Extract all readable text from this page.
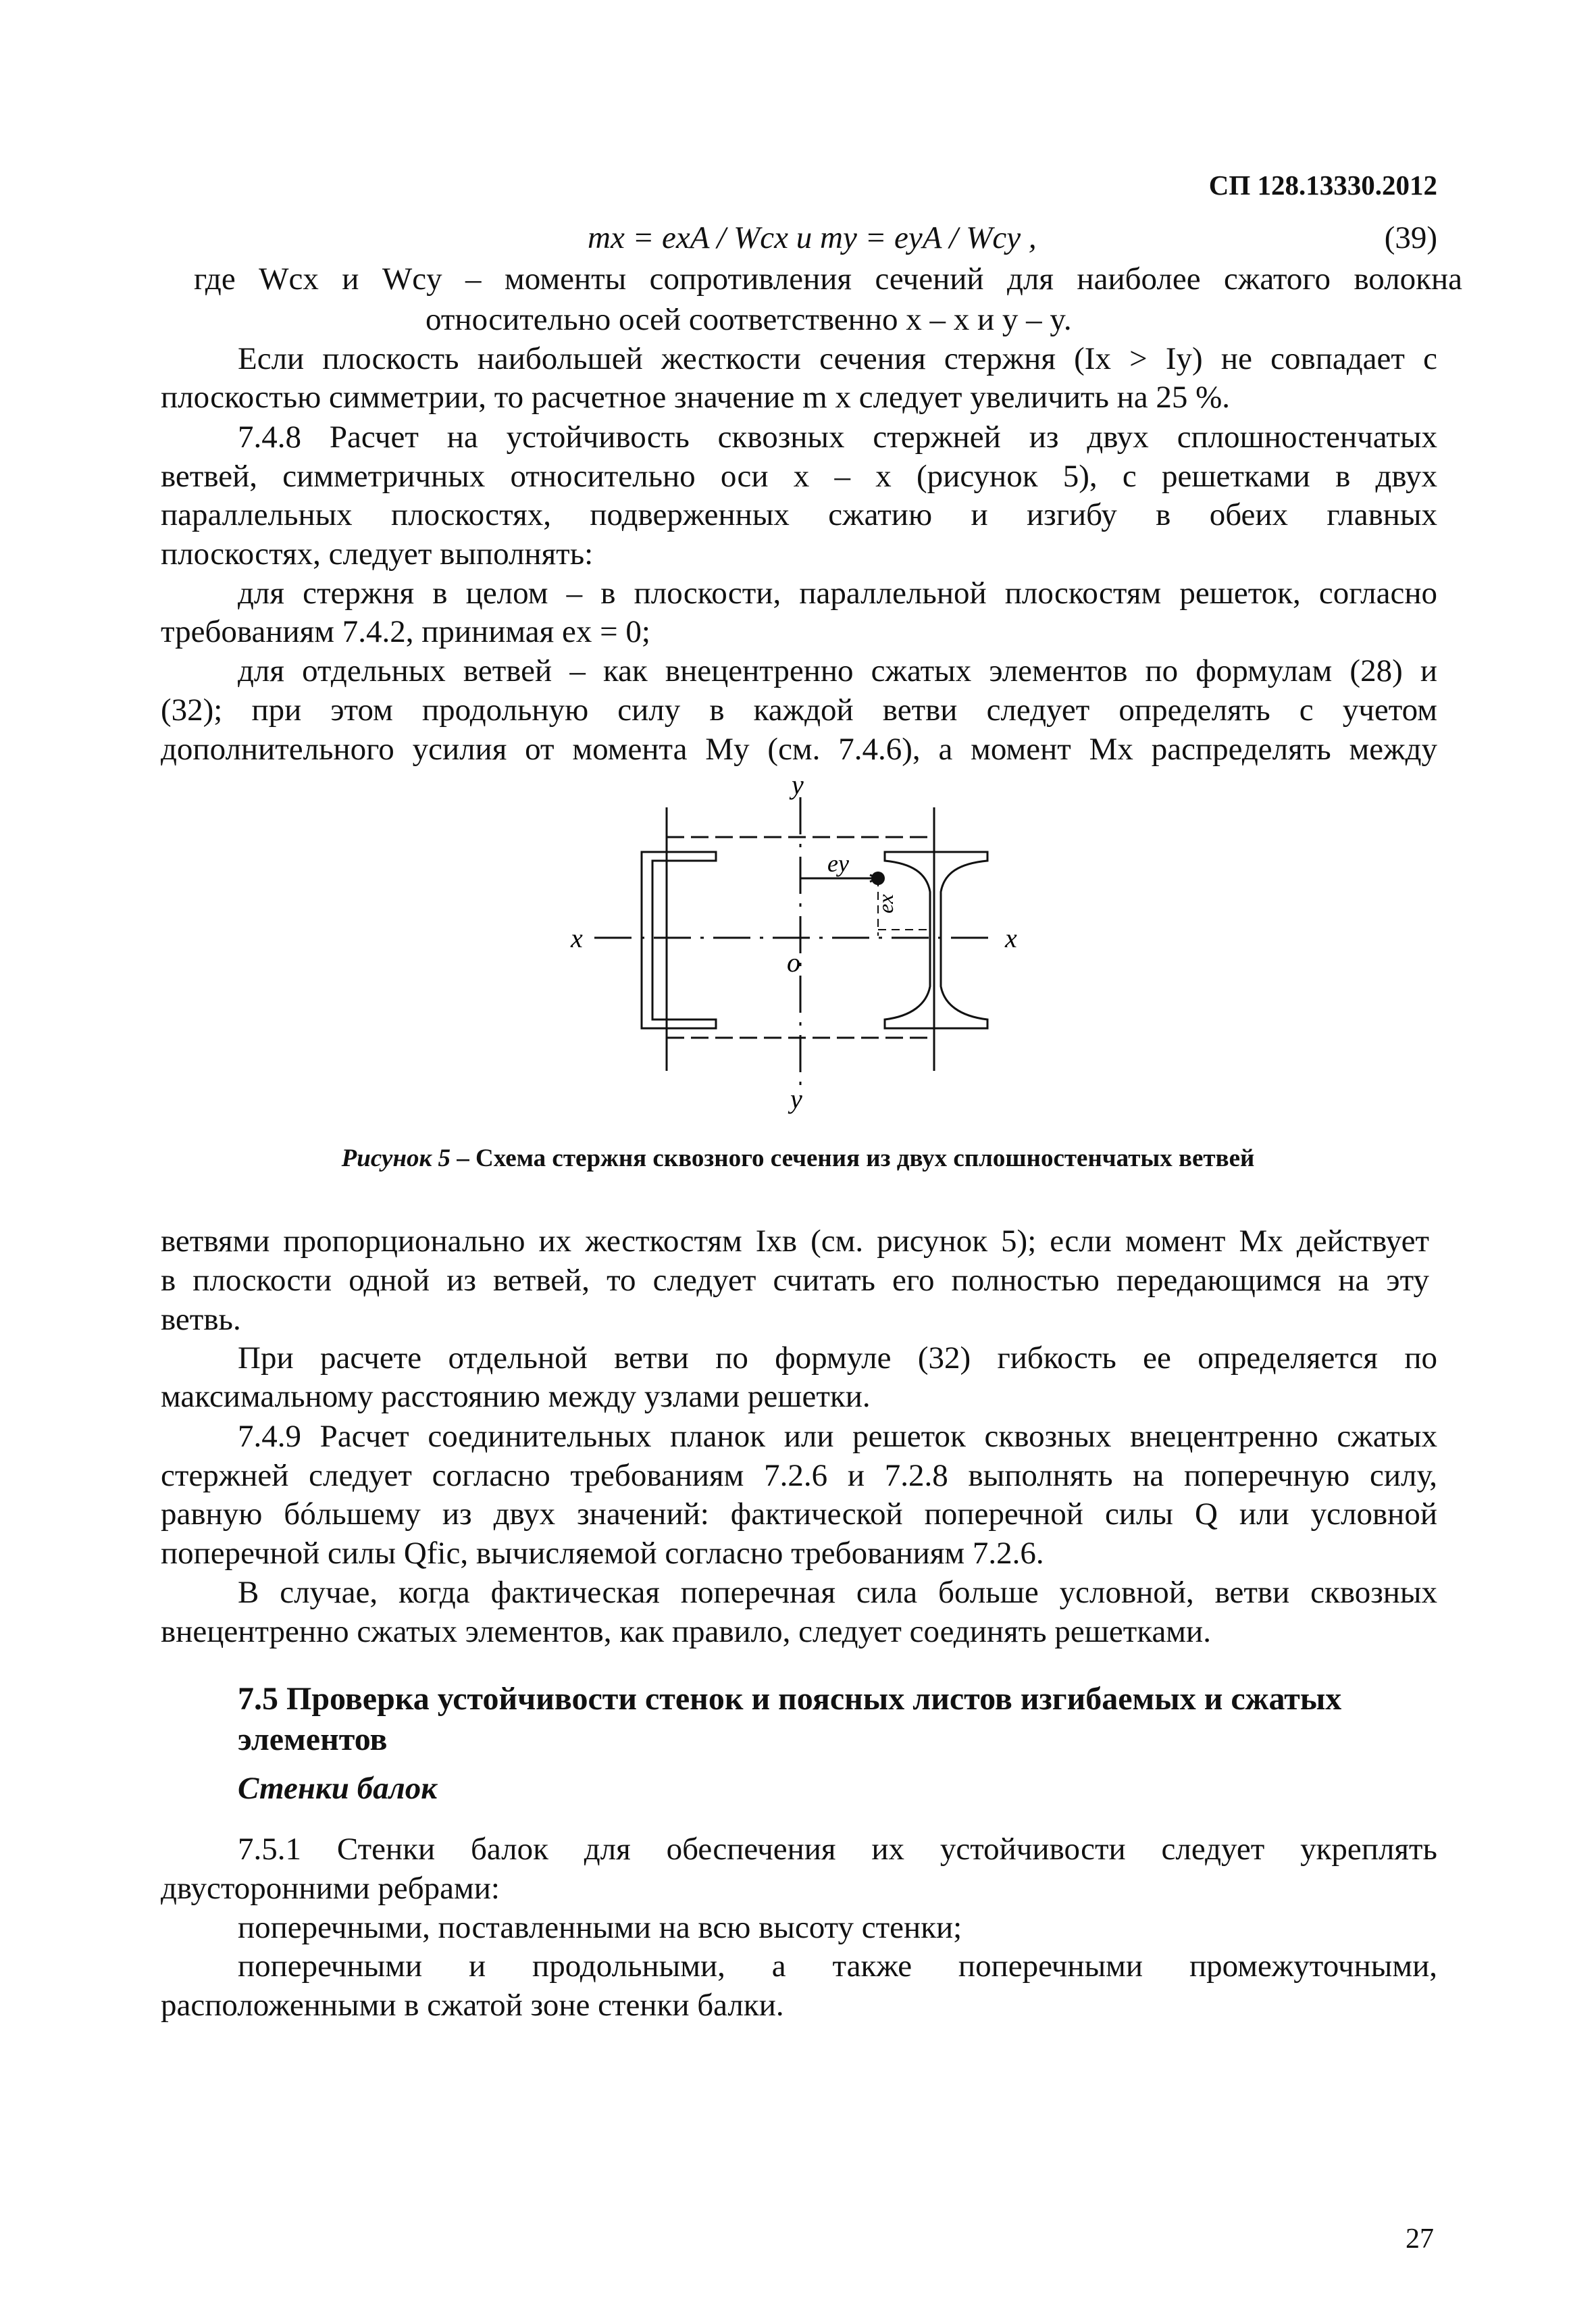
СП 128.13330.2012
mx = exA / Wcx и my = eyA / Wcy ,	(39)
где Wcx и Wcy – моменты сопротивления сечений для наиболее сжатого волокна
относительно осей соответственно x – x и y – y.
Если плоскость наибольшей жесткости сечения стержня (Ix > Iy) не совпадает с
плоскостью симметрии, то расчетное значение m x следует увеличить на 25 %.
7.4.8 Расчет на устойчивость сквозных стержней из двух сплошностенчатых
ветвей, симметричных относительно оси x – x (рисунок 5), с решетками в двух
параллельных плоскостях, подверженных сжатию и изгибу в обеих главных
плоскостях, следует выполнять:
для стержня в целом – в плоскости, параллельной плоскостям решеток, согласно
требованиям 7.4.2, принимая ex = 0;
для отдельных ветвей – как внецентренно сжатых элементов по формулам (28) и
(32); при этом продольную силу в каждой ветви следует определять с учетом
дополнительного усилия от момента My (см. 7.4.6), а момент Mx распределять между
y
y
x	x
o
ey
ex
Рисунок 5 – Схема стержня сквозного сечения из двух сплошностенчатых ветвей
ветвями пропорционально их жесткостям Ixв (см. рисунок 5); если момент Mx действует
в плоскости одной из ветвей, то следует считать его полностью передающимся на эту
ветвь.
При расчете отдельной ветви по формуле (32) гибкость ее определяется по
максимальному расстоянию между узлами решетки.
7.4.9 Расчет соединительных планок или решеток сквозных внецентренно сжатых
стержней следует согласно требованиям 7.2.6 и 7.2.8 выполнять на поперечную силу,
равную бóльшему из двух значений: фактической поперечной силы Q или условной
поперечной силы Qfic, вычисляемой согласно требованиям 7.2.6.
В случае, когда фактическая поперечная сила больше условной, ветви сквозных
внецентренно сжатых элементов, как правило, следует соединять решетками.
7.5 Проверка устойчивости стенок и поясных листов изгибаемых и сжатых элементов
Стенки балок
7.5.1 Стенки балок для обеспечения их устойчивости следует укреплять
двусторонними ребрами:
поперечными, поставленными на всю высоту стенки;
поперечными и продольными, а также поперечными промежуточными,
расположенными в сжатой зоне стенки балки.
27
